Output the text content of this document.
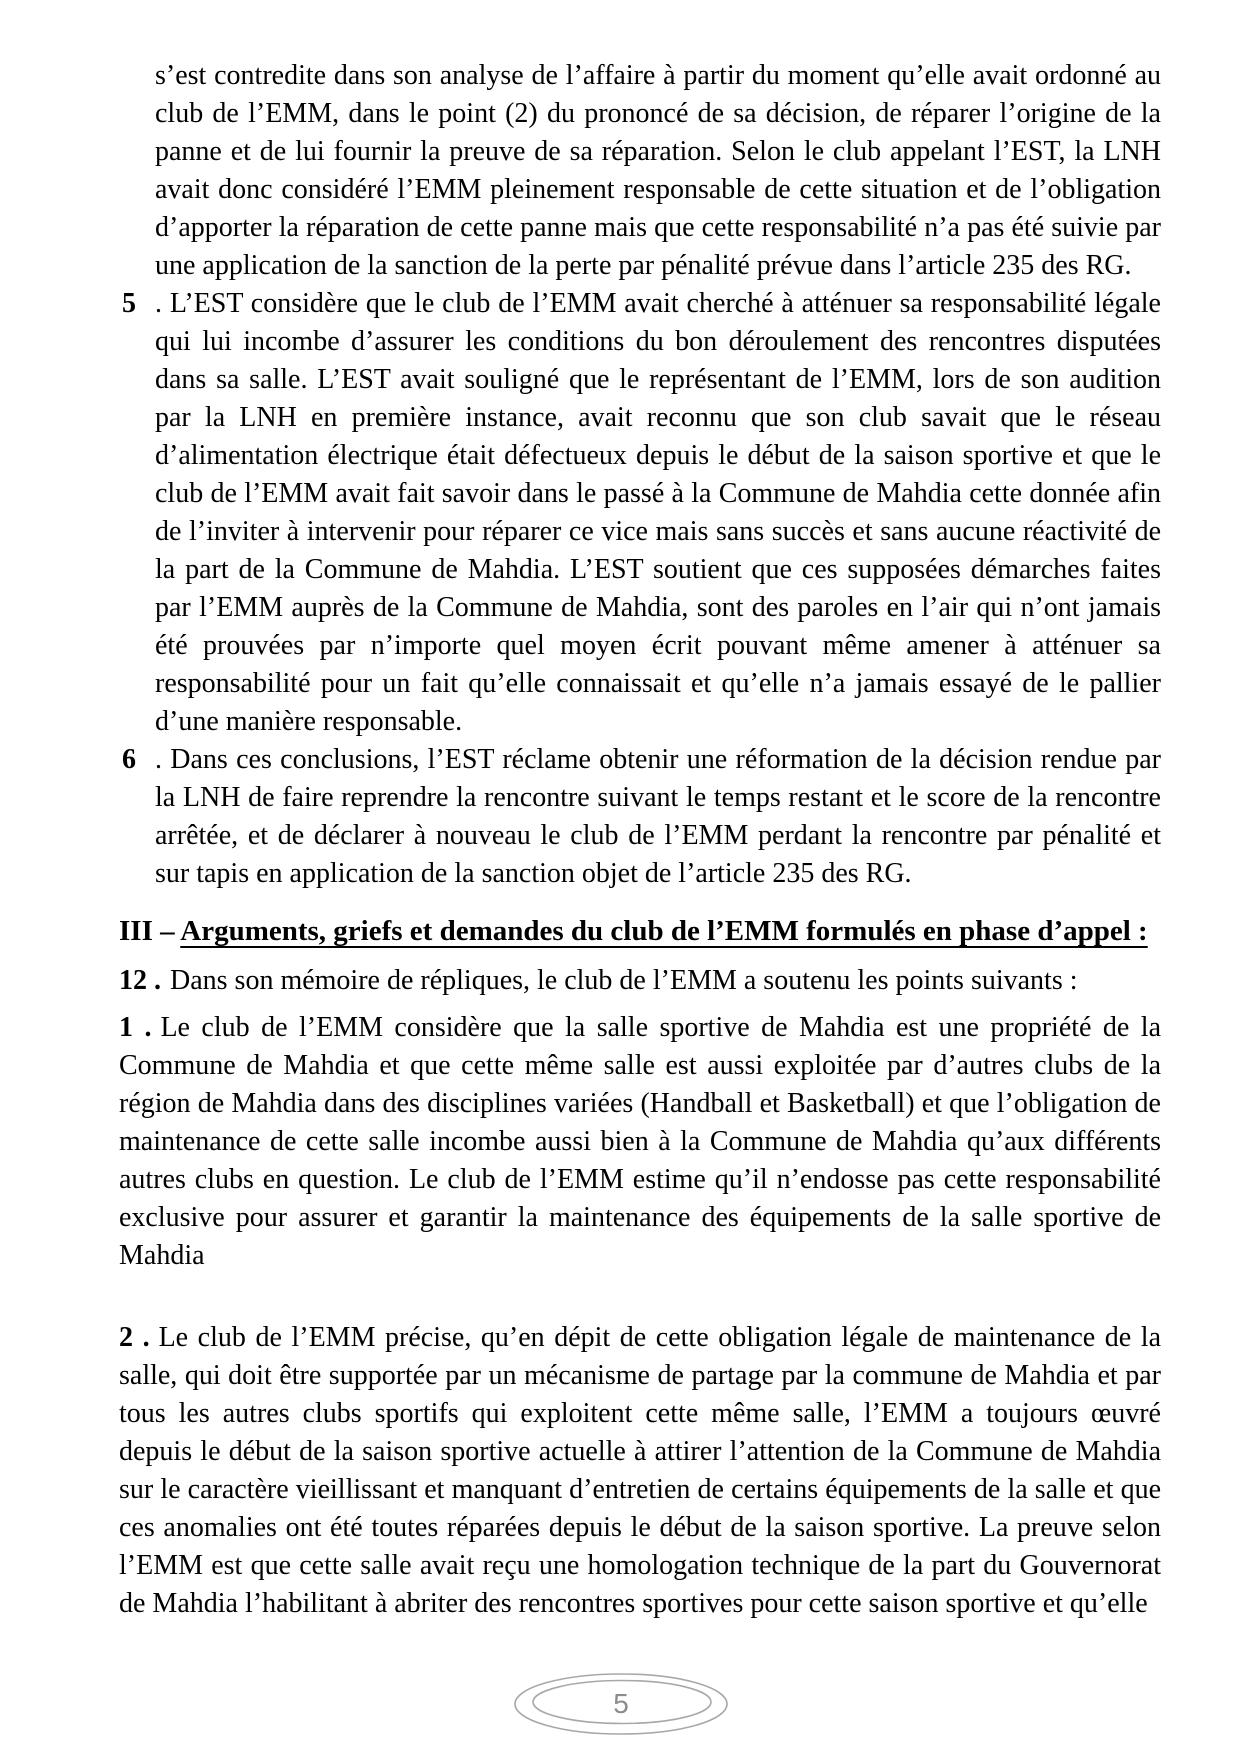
s’est contredite dans son analyse de l’affaire à partir du moment qu’elle avait ordonné au club de l’EMM, dans le point (2) du prononcé de sa décision, de réparer l’origine de la panne et de lui fournir la preuve de sa réparation. Selon le club appelant l’EST, la LNH avait donc considéré l’EMM pleinement responsable de cette situation et de l’obligation d’apporter la réparation de cette panne mais que cette responsabilité n’a pas été suivie par une application de la sanction de la perte par pénalité prévue dans l’article 235 des RG.

5 . L’EST considère que le club de l’EMM avait cherché à atténuer sa responsabilité légale qui lui incombe d’assurer les conditions du bon déroulement des rencontres disputées dans sa salle. L’EST avait souligné que le représentant de l’EMM, lors de son audition par la LNH en première instance, avait reconnu que son club savait que le réseau d’alimentation électrique était défectueux depuis le début de la saison sportive et que le club de l’EMM avait fait savoir dans le passé à la Commune de Mahdia cette donnée afin de l’inviter à intervenir pour réparer ce vice mais sans succès et sans aucune réactivité de la part de la Commune de Mahdia. L’EST soutient que ces supposées démarches faites par l’EMM auprès de la Commune de Mahdia, sont des paroles en l’air qui n’ont jamais été prouvées par n’importe quel moyen écrit pouvant même amener à atténuer sa responsabilité pour un fait qu’elle connaissait et qu’elle n’a jamais essayé de le pallier d’une manière responsable.
6 . Dans ces conclusions, l’EST réclame obtenir une réformation de la décision rendue par la LNH de faire reprendre la rencontre suivant le temps restant et le score de la rencontre arrêtée, et de déclarer à nouveau le club de l’EMM perdant la rencontre par pénalité et sur tapis en application de la sanction objet de l’article 235 des RG.
III – Arguments, griefs et demandes du club de l’EMM formulés en phase d’appel :

12 . Dans son mémoire de répliques, le club de l’EMM a soutenu les points suivants :

1 . Le club de l’EMM considère que la salle sportive de Mahdia est une propriété de la Commune de Mahdia et que cette même salle est aussi exploitée par d’autres clubs de la région de Mahdia dans des disciplines variées (Handball et Basketball) et que l’obligation de maintenance de cette salle incombe aussi bien à la Commune de Mahdia qu’aux différents autres clubs en question. Le club de l’EMM estime qu’il n’endosse pas cette responsabilité exclusive pour assurer et garantir la maintenance des équipements de la salle sportive de Mahdia

2 . Le club de l’EMM précise, qu’en dépit de cette obligation légale de maintenance de la salle, qui doit être supportée par un mécanisme de partage par la commune de Mahdia et par tous les autres clubs sportifs qui exploitent cette même salle, l’EMM a toujours œuvré depuis le début de la saison sportive actuelle à attirer l’attention de la Commune de Mahdia sur le caractère vieillissant et manquant d’entretien de certains équipements de la salle et que ces anomalies ont été toutes réparées depuis le début de la saison sportive. La preuve selon l’EMM est que cette salle avait reçu une homologation technique de la part du Gouvernorat de Mahdia l’habilitant à abriter des rencontres sportives pour cette saison sportive et qu’elle

5
